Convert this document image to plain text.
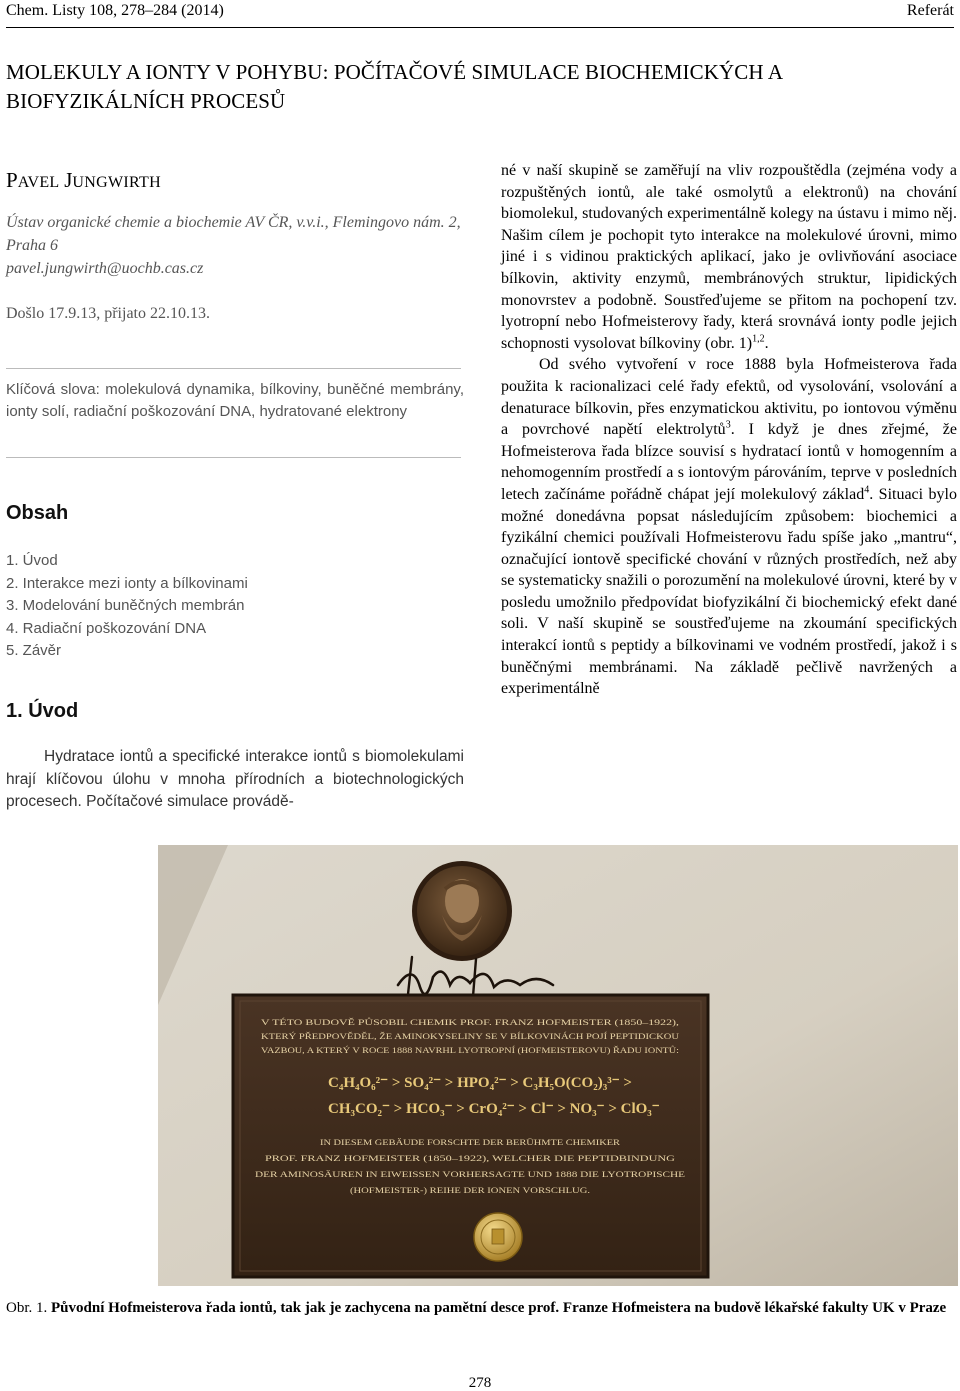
Chem. Listy 108, 278–284 (2014)	Referát
MOLEKULY A IONTY V POHYBU: POČÍTAČOVÉ SIMULACE BIOCHEMICKÝCH A BIOFYZIKÁLNÍCH PROCESŮ
PAVEL JUNGWIRTH
Ústav organické chemie a biochemie AV ČR, v.v.i., Flemingovo nám. 2, Praha 6
pavel.jungwirth@uochb.cas.cz
Došlo 17.9.13, přijato 22.10.13.
Klíčová slova: molekulová dynamika, bílkoviny, buněčné membrány, ionty solí, radiační poškozování DNA, hydratované elektrony
Obsah
1. Úvod
2. Interakce mezi ionty a bílkovinami
3. Modelování buněčných membrán
4. Radiační poškozování DNA
5. Závěr
1. Úvod

Hydratace iontů a specifické interakce iontů s biomolekulami hrají klíčovou úlohu v mnoha přírodních a biotechnologických procesech. Počítačové simulace provádě-

né v naší skupině se zaměřují na vliv rozpouštědla (zejména vody a rozpuštěných iontů, ale také osmolytů a elektronů) na chování biomolekul, studovaných experimentálně kolegy na ústavu i mimo něj. Našim cílem je pochopit tyto interakce na molekulové úrovni, mimo jiné i s vidinou praktických aplikací, jako je ovlivňování asociace bílkovin, aktivity enzymů, membránových struktur, lipidických monovrstev a podobně. Soustřeďujeme se přitom na pochopení tzv. lyotropní nebo Hofmeisterovy řady, která srovnává ionty podle jejich schopnosti vysolovat bílkoviny (obr. 1)$^{1,2}$.

Od svého vytvoření v roce 1888 byla Hofmeisterova řada použita k racionalizaci celé řady efektů, od vysolování, vsolování a denaturace bílkovin, přes enzymatickou aktivitu, po iontovou výměnu a povrchové napětí elektrolytů$^3$. I když je dnes zřejmé, že Hofmeisterova řada blízce souvisí s hydratací iontů v homogenním a nehomogenním prostředí a s iontovým párováním, teprve v posledních letech začínáme pořádně chápat její molekulový základ$^4$. Situaci bylo možné donedávna popsat následujícím způsobem: biochemici a fyzikální chemici používali Hofmeisterovu řadu spíše jako „mantru“, označující iontově specifické chování v různých prostředích, než aby se systematicky snažili o porozumění na molekulové úrovni, které by v posledu umožnilo předpovídat biofyzikální či biochemický efekt dané soli. V naší skupině se soustřeďujeme na zkoumání specifických interakcí iontů s peptidy a bílkovinami ve vodném prostředí, jakož i s buněčnými membránami. Na základě pečlivě navržených a experimentálně

V TÉTO BUDOVĚ PŮSOBIL CHEMIK PROF. FRANZ HOFMEISTER (1850–1922),
KTERÝ PŘEDPOVĚDĚL, ŽE AMINOKYSELINY SE V BÍLKOVINÁCH POJÍ PEPTIDICKOU
VAZBOU, A KTERÝ V ROCE 1888 NAVRHL LYOTROPNÍ (HOFMEISTEROVU) ŘADU IONTŮ:
C₄H₄O₆²⁻ > SO₄²⁻ > HPO₄²⁻ > C₃H₅O(CO₂)₃³⁻ >
CH₃CO₂⁻ > HCO₃⁻ > CrO₄²⁻ > Cl⁻ > NO₃⁻ > ClO₃⁻
IN DIESEM GEBÄUDE FORSCHTE DER BERÜHMTE CHEMIKER
PROF. FRANZ HOFMEISTER (1850–1922), WELCHER DIE PEPTIDBINDUNG
DER AMINOSÄUREN IN EIWEISSEN VORHERSAGTE UND 1888 DIE LYOTROPISCHE
(HOFMEISTER-) REIHE DER IONEN VORSCHLUG.

Obr. 1. Původní Hofmeisterova řada iontů, tak jak je zachycena na pamětní desce prof. Franze Hofmeistera na budově lékařské fakulty UK v Praze

278
